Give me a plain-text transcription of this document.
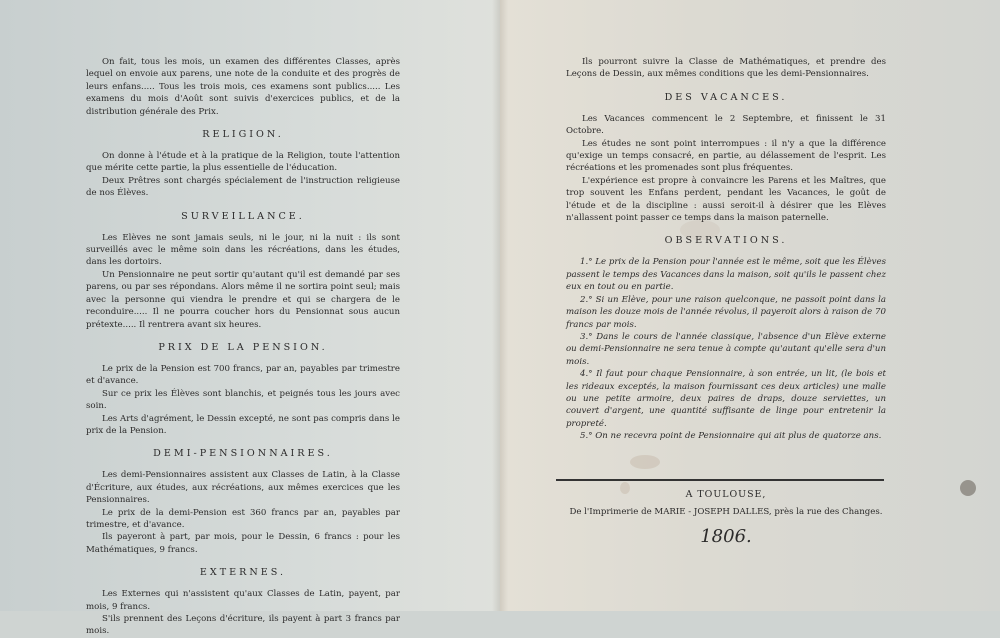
On fait, tous les mois, un examen des différentes Classes, après lequel on envoie aux parens, une note de la conduite et des progrès de leurs enfans..... Tous les trois mois, ces examens sont publics..... Les examens du mois d'Août sont suivis d'exercices publics, et de la distribution générale des Prix.

RELIGION.

On donne à l'étude et à la pratique de la Religion, toute l'attention que mérite cette partie, la plus essentielle de l'éducation.

Deux Prêtres sont chargés spécialement de l'instruction religieuse de nos Élèves.

SURVEILLANCE.

Les Elèves ne sont jamais seuls, ni le jour, ni la nuit : ils sont surveillés avec le même soin dans les récréations, dans les études, dans les dortoirs.

Un Pensionnaire ne peut sortir qu'autant qu'il est demandé par ses parens, ou par ses répondans. Alors même il ne sortira point seul; mais avec la personne qui viendra le prendre et qui se chargera de le reconduire..... Il ne pourra coucher hors du Pensionnat sous aucun prétexte..... Il rentrera avant six heures.

PRIX DE LA PENSION.

Le prix de la Pension est 700 francs, par an, payables par trimestre et d'avance.

Sur ce prix les Élèves sont blanchis, et peignés tous les jours avec soin.

Les Arts d'agrément, le Dessin excepté, ne sont pas compris dans le prix de la Pension.

DEMI-PENSIONNAIRES.

Les demi-Pensionnaires assistent aux Classes de Latin, à la Classe d'Écriture, aux études, aux récréations, aux mêmes exercices que les Pensionnaires.

Le prix de la demi-Pension est 360 francs par an, payables par trimestre, et d'avance.

Ils payeront à part, par mois, pour le Dessin, 6 francs : pour les Mathématiques, 9 francs.

EXTERNES.

Les Externes qui n'assistent qu'aux Classes de Latin, payent, par mois, 9 francs.

S'ils prennent des Leçons d'écriture, ils payent à part 3 francs par mois.

Ils pourront suivre la Classe de Mathématiques, et prendre des Leçons de Dessin, aux mêmes conditions que les demi-Pensionnaires.

DES VACANCES.

Les Vacances commencent le 2 Septembre, et finissent le 31 Octobre.

Les études ne sont point interrompues : il n'y a que la différence qu'exige un temps consacré, en partie, au délassement de l'esprit. Les récréations et les promenades sont plus fréquentes.

L'expérience est propre à convaincre les Parens et les Maîtres, que trop souvent les Enfans perdent, pendant les Vacances, le goût de l'étude et de la discipline : aussi seroit-il à désirer que les Elèves n'allassent point passer ce temps dans la maison paternelle.

OBSERVATIONS.

1.° Le prix de la Pension pour l'année est le même, soit que les Élèves passent le temps des Vacances dans la maison, soit qu'ils le passent chez eux en tout ou en partie.

2.° Si un Elève, pour une raison quelconque, ne passoit point dans la maison les douze mois de l'année révolus, il payeroit alors à raison de 70 francs par mois.

3.° Dans le cours de l'année classique, l'absence d'un Elève externe ou demi-Pensionnaire ne sera tenue à compte qu'autant qu'elle sera d'un mois.

4.° Il faut pour chaque Pensionnaire, à son entrée, un lit, (le bois et les rideaux exceptés, la maison fournissant ces deux articles) une malle ou une petite armoire, deux paires de draps, douze serviettes, un couvert d'argent, une quantité suffisante de linge pour entretenir la propreté.

5.° On ne recevra point de Pensionnaire qui ait plus de quatorze ans.

A TOULOUSE,
De l'Imprimerie de MARIE - JOSEPH DALLES, près la rue des Changes.
1806.
